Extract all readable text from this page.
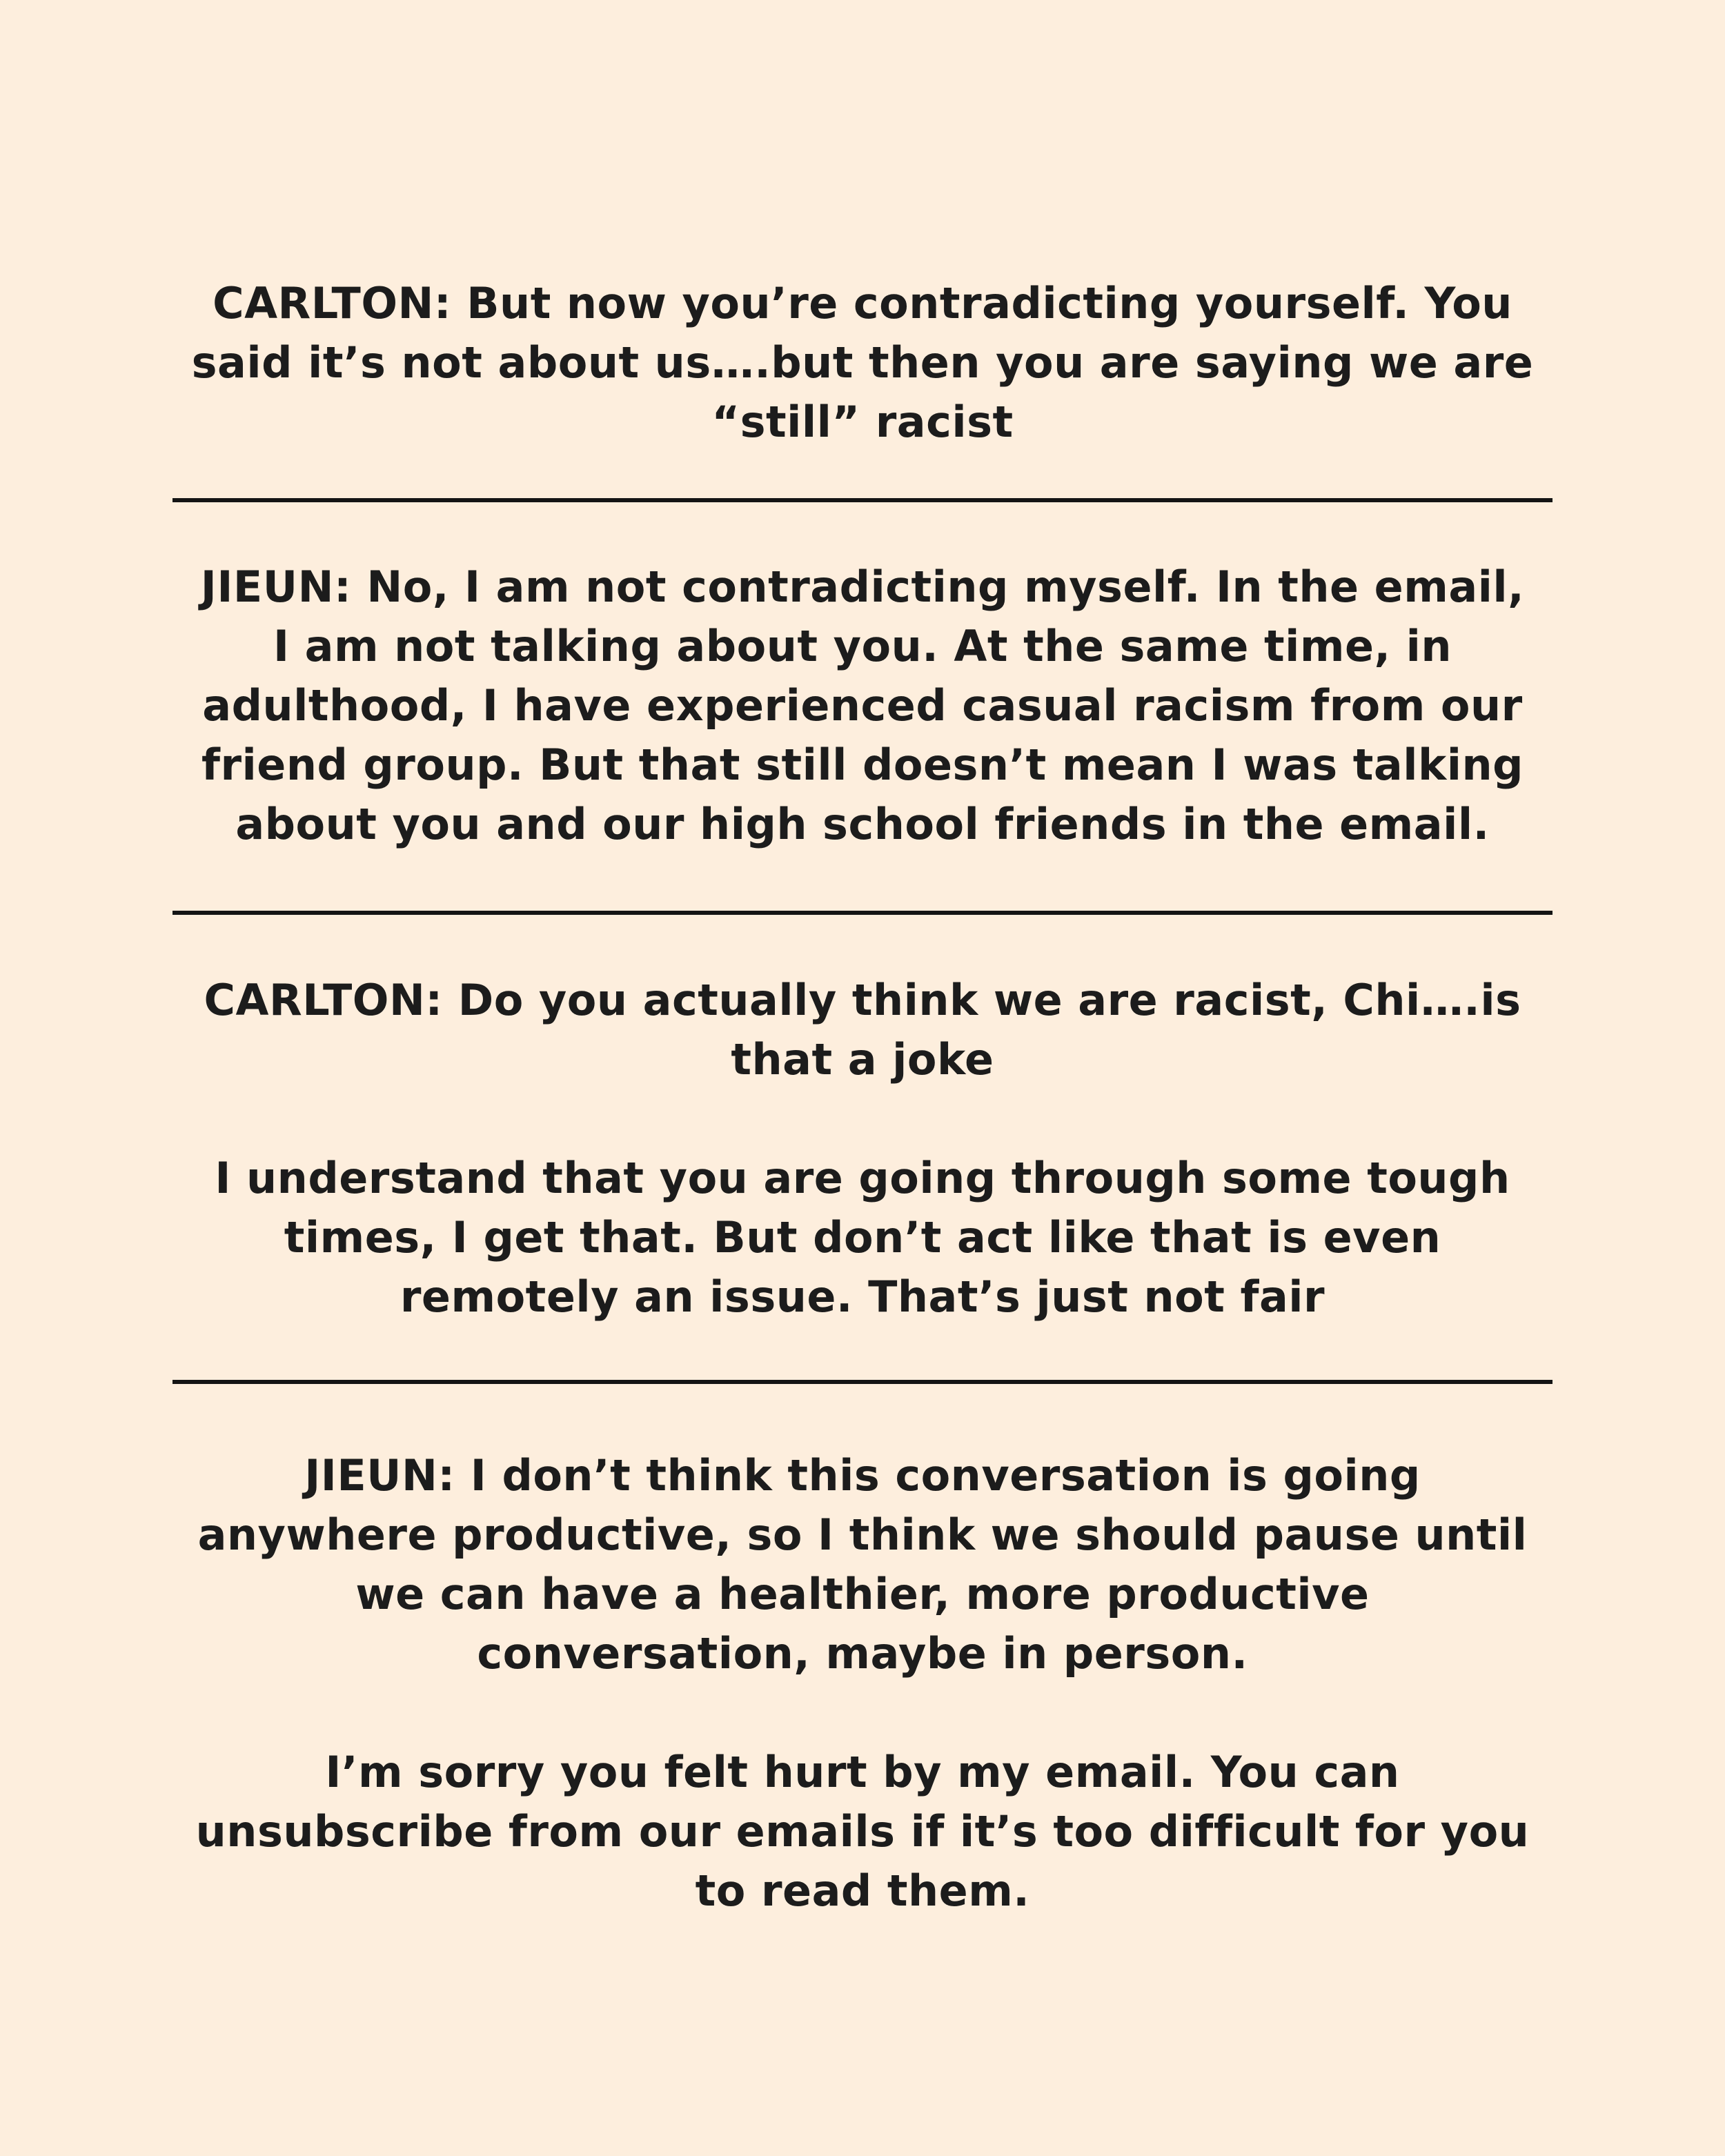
CARLTON: But now you’re contradicting yourself. You
said it’s not about us….but then you are saying we are
“still” racist

JIEUN: No, I am not contradicting myself. In the email,
I am not talking about you. At the same time, in
adulthood, I have experienced casual racism from our
friend group. But that still doesn’t mean I was talking
about you and our high school friends in the email.

CARLTON: Do you actually think we are racist, Chi….is
that a joke

I understand that you are going through some tough
times, I get that. But don’t act like that is even
remotely an issue. That’s just not fair

JIEUN: I don’t think this conversation is going
anywhere productive, so I think we should pause until
we can have a healthier, more productive
conversation, maybe in person.

I’m sorry you felt hurt by my email. You can
unsubscribe from our emails if it’s too difficult for you
to read them.
